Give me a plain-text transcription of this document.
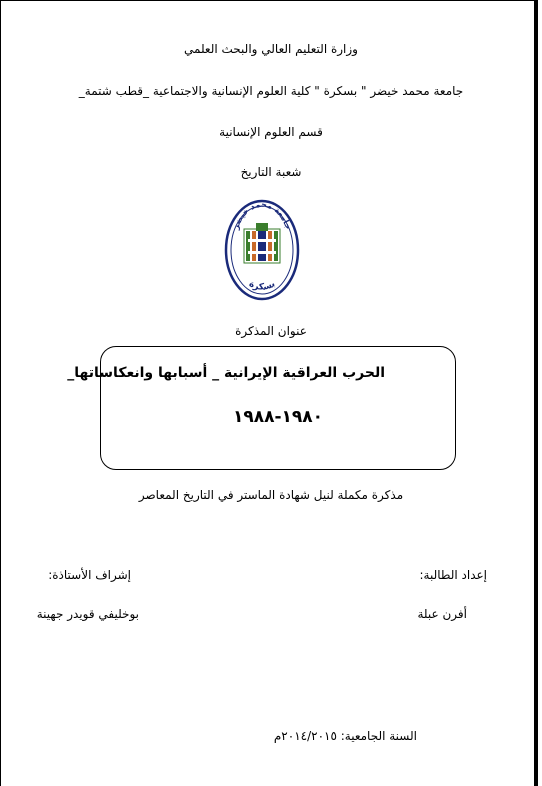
وزارة التعليم العالي والبحث العلمي
جامعة محمد خيضر " بسكرة " كلية العلوم الإنسانية والاجتماعية _قطب شتمة_
قسم العلوم الإنسانية
شعبة التاريخ
جامعة محمد خيضر
بسكرة
عنوان المذكرة
الحرب العراقية الإيرانية _ أسبابها وانعكاساتها_
١٩٨٠-١٩٨٨
مذكرة مكملة لنيل شهادة الماستر في التاريخ المعاصر
إعداد الطالبة:
إشراف الأستاذة:
أفرن عبلة
بوخليفي قويدر جهينة
السنة الجامعية: ٢٠١٤/٢٠١٥م
